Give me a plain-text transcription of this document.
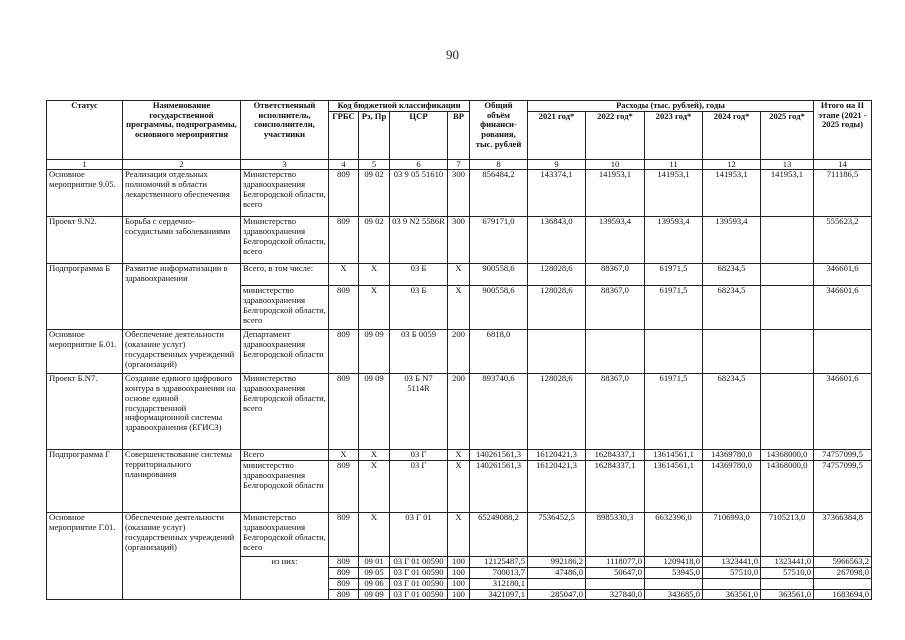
90
Статус	Наименование государственной программы, подпрограммы, основного мероприятия	Ответственный исполнитель, соисполнители, участники	Код бюджетной классификации				Общий объём финанси-рования, тыс. рублей	Расходы (тыс. рублей), годы					Итого на II этапе (2021 - 2025 годы)
			ГРБС	Рз, Пр	ЦСР	ВР		2021 год*	2022 год*	2023 год*	2024 год*	2025 год*	
1	2	3	4	5	6	7	8	9	10	11	12	13	14
Основное мероприятие 9.05.	Реализация отдельных полномочий в области лекарственного обеспечения	Министерство здравоохранения Белгородской области, всего	809	09 02	03 9 05 51610	300	856484,2	143374,1	141953,1	141953,1	141953,1	141953,1	711186,5
Проект 9.N2.	Борьба с сердечно-сосудистыми заболеваниями	Министерство здравоохранения Белгородской области, всего	809	09 02	03 9 N2 5586R	300	679171,0	136843,0	139593,4	139593,4	139593,4		555623,2
Подпрограмма Б	Развитие информатизации в здравоохранении	Всего, в том числе:	Х	Х	03 Б	Х	900558,6	128028,6	88367,0	61971,5	68234,5		346601,6
		министерство здравоохранения Белгородской области, всего	809	Х	03 Б	Х	900558,6	128028,6	88367,0	61971,5	68234,5		346601,6
Основное мероприятие Б.01.	Обеспечение деятельности (оказание услуг) государственных учреждений (организаций)	Департамент здравоохранения Белгородской области	809	09 09	03 Б 0059	200	6818,0						
Проект Б.N7.	Создание единого цифрового контура в здравоохранении на основе единой государственной информационной системы здравоохранения (ЕГИСЗ)	Министерство здравоохранения Белгородской области, всего	809	09 09	03 Б N7 5114R	200	893740,6	128028,6	88367,0	61971,5	68234,5		346601,6
Подпрограмма Г	Совершенствование системы территориального планирования	Всего	Х	Х	03 Г	Х	140261561,3	16120421,3	16284337,1	13614561,1	14369780,0	14368000,0	74757099,5
		министерство здравоохранения Белгородской области	809	Х	03 Г	Х	140261561,3	16120421,3	16284337,1	13614561,1	14369780,0	14368000,0	74757099,5
Основное мероприятие Г.01.	Обеспечение деятельности (оказание услуг) государственных учреждений (организаций)	Министерство здравоохранения Белгородской области, всего	809	Х	03 Г 01	Х	65249088,2	7536452,5	8985330,3	6632396,0	7106993,0	7105213,0	37366384,8
		из них:	809	09 01	03 Г 01 00590	100	12125487,5	992186,2	1118077,0	1209418,0	1323441,0	1323441,0	5966563,2
			809	09 05	03 Г 01 00590	100	700013,7	47486,0	50647,0	53945,0	57510,0	57510,0	267098,0
			809	09 06	03 Г 01 00590	100	312180,1						
			809	09 09	03 Г 01 00590	100	3421097,1	285047,0	327840,0	343685,0	363561,0	363561,0	1683694,0
